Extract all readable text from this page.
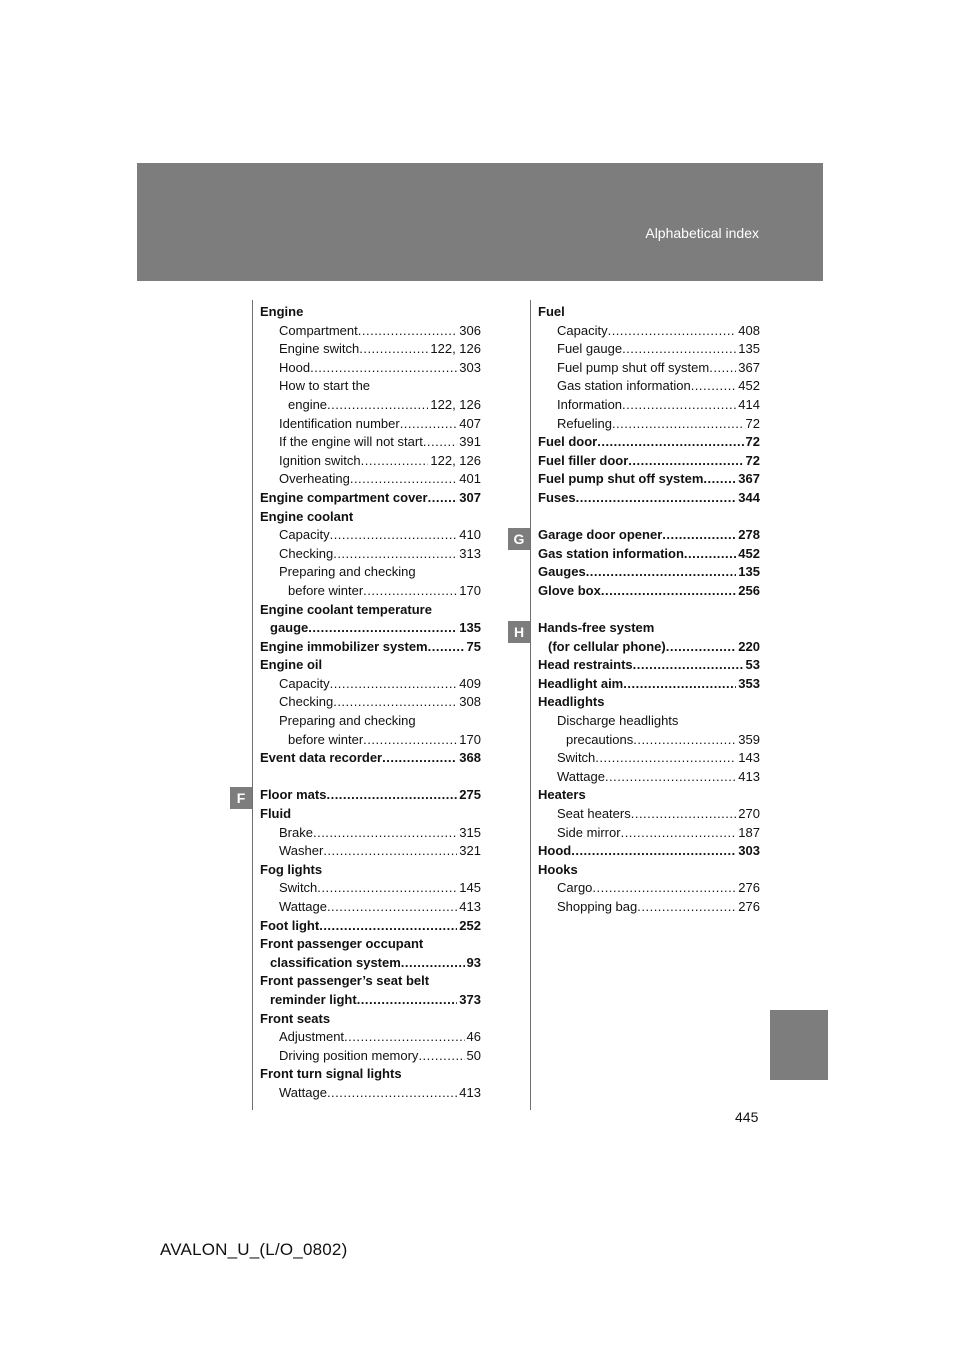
Alphabetical index
F
G
H
Engine
Compartment .....	306
Engine switch .....	122, 126
Hood .....	303
How to start the
engine .....	122, 126
Identification number .....	407
If the engine will not start .....	391
Ignition switch .....	122, 126
Overheating .....	401
Engine compartment cover ..... 307
Engine coolant
Capacity .....	410
Checking .....	313
Preparing and checking
before winter .....	170
Engine coolant temperature
gauge .....	135
Engine immobilizer system .....	75
Engine oil
Capacity .....	409
Checking .....	308
Preparing and checking
before winter .....	170
Event data recorder .....	368
Floor mats .....	275
Fluid
Brake .....	315
Washer .....	321
Fog lights
Switch .....	145
Wattage .....	413
Foot light .....	252
Front passenger occupant
classification system .....	93
Front passenger’s seat belt
reminder light .....	373
Front seats
Adjustment .....	46
Driving position memory .....	50
Front turn signal lights
Wattage .....	413
Fuel
Capacity .....	408
Fuel gauge .....	135
Fuel pump shut off system ..... 367
Gas station information .....	452
Information .....	414
Refueling .....	72
Fuel door .....	72
Fuel filler door .....	72
Fuel pump shut off system .....	367
Fuses .....	344
Garage door opener .....	278
Gas station information .....	452
Gauges .....	135
Glove box .....	256
Hands-free system
(for cellular phone) .....	220
Head restraints .....	53
Headlight aim .....	353
Headlights
Discharge headlights
precautions .....	359
Switch .....	143
Wattage .....	413
Heaters
Seat heaters .....	270
Side mirror .....	187
Hood .....	303
Hooks
Cargo .....	276
Shopping bag .....	276
445
AVALON_U_(L/O_0802)
